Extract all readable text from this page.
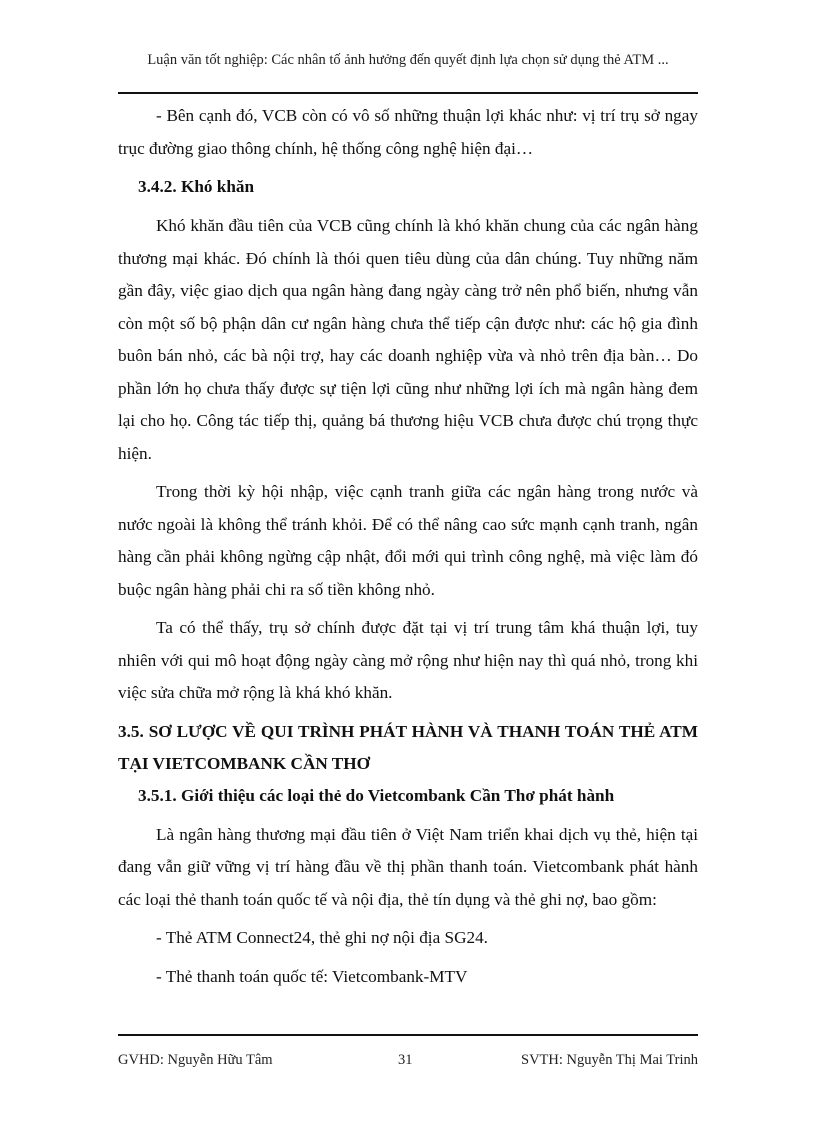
Luận văn tốt nghiệp: Các nhân tố ảnh hưởng đến quyết định lựa chọn sử dụng thẻ ATM ...

- Bên cạnh đó, VCB còn có vô số những thuận lợi khác như: vị trí trụ sở ngay trục đường giao thông chính, hệ thống công nghệ hiện đại…

3.4.2. Khó khăn

Khó khăn đầu tiên của VCB cũng chính là khó khăn chung của các ngân hàng thương mại khác. Đó chính là thói quen tiêu dùng của dân chúng. Tuy những năm gần đây, việc giao dịch qua ngân hàng đang ngày càng trở nên phổ biến, nhưng vẫn còn một số bộ phận dân cư ngân hàng chưa thể tiếp cận được như: các hộ gia đình buôn bán nhỏ, các bà nội trợ, hay các doanh nghiệp vừa và nhỏ trên địa bàn… Do phần lớn họ chưa thấy được sự tiện lợi cũng như những lợi ích mà ngân hàng đem lại cho họ. Công tác tiếp thị, quảng bá thương hiệu VCB chưa được chú trọng thực hiện.

Trong thời kỳ hội nhập, việc cạnh tranh giữa các ngân hàng trong nước và nước ngoài là không thể tránh khỏi. Để có thể nâng cao sức mạnh cạnh tranh, ngân hàng cần phải không ngừng cập nhật, đổi mới qui trình công nghệ, mà việc làm đó buộc ngân hàng phải chi ra số tiền không nhỏ.

Ta có thể thấy, trụ sở chính được đặt tại vị trí trung tâm khá thuận lợi, tuy nhiên với qui mô hoạt động ngày càng mở rộng như hiện nay thì quá nhỏ, trong khi việc sửa chữa mở rộng là khá khó khăn.

3.5. SƠ LƯỢC VỀ QUI TRÌNH PHÁT HÀNH VÀ THANH TOÁN THẺ ATM TẠI VIETCOMBANK CẦN THƠ
3.5.1. Giới thiệu các loại thẻ do Vietcombank Cần Thơ phát hành

Là ngân hàng thương mại đầu tiên ở Việt Nam triển khai dịch vụ thẻ, hiện tại đang vẫn giữ vững vị trí hàng đầu về thị phần thanh toán. Vietcombank phát hành các loại thẻ thanh toán quốc tế và nội địa, thẻ tín dụng và thẻ ghi nợ, bao gồm:

- Thẻ ATM Connect24, thẻ ghi nợ nội địa SG24.

- Thẻ thanh toán quốc tế: Vietcombank-MTV

GVHD: Nguyễn Hữu Tâm	31	SVTH: Nguyễn Thị Mai Trinh
